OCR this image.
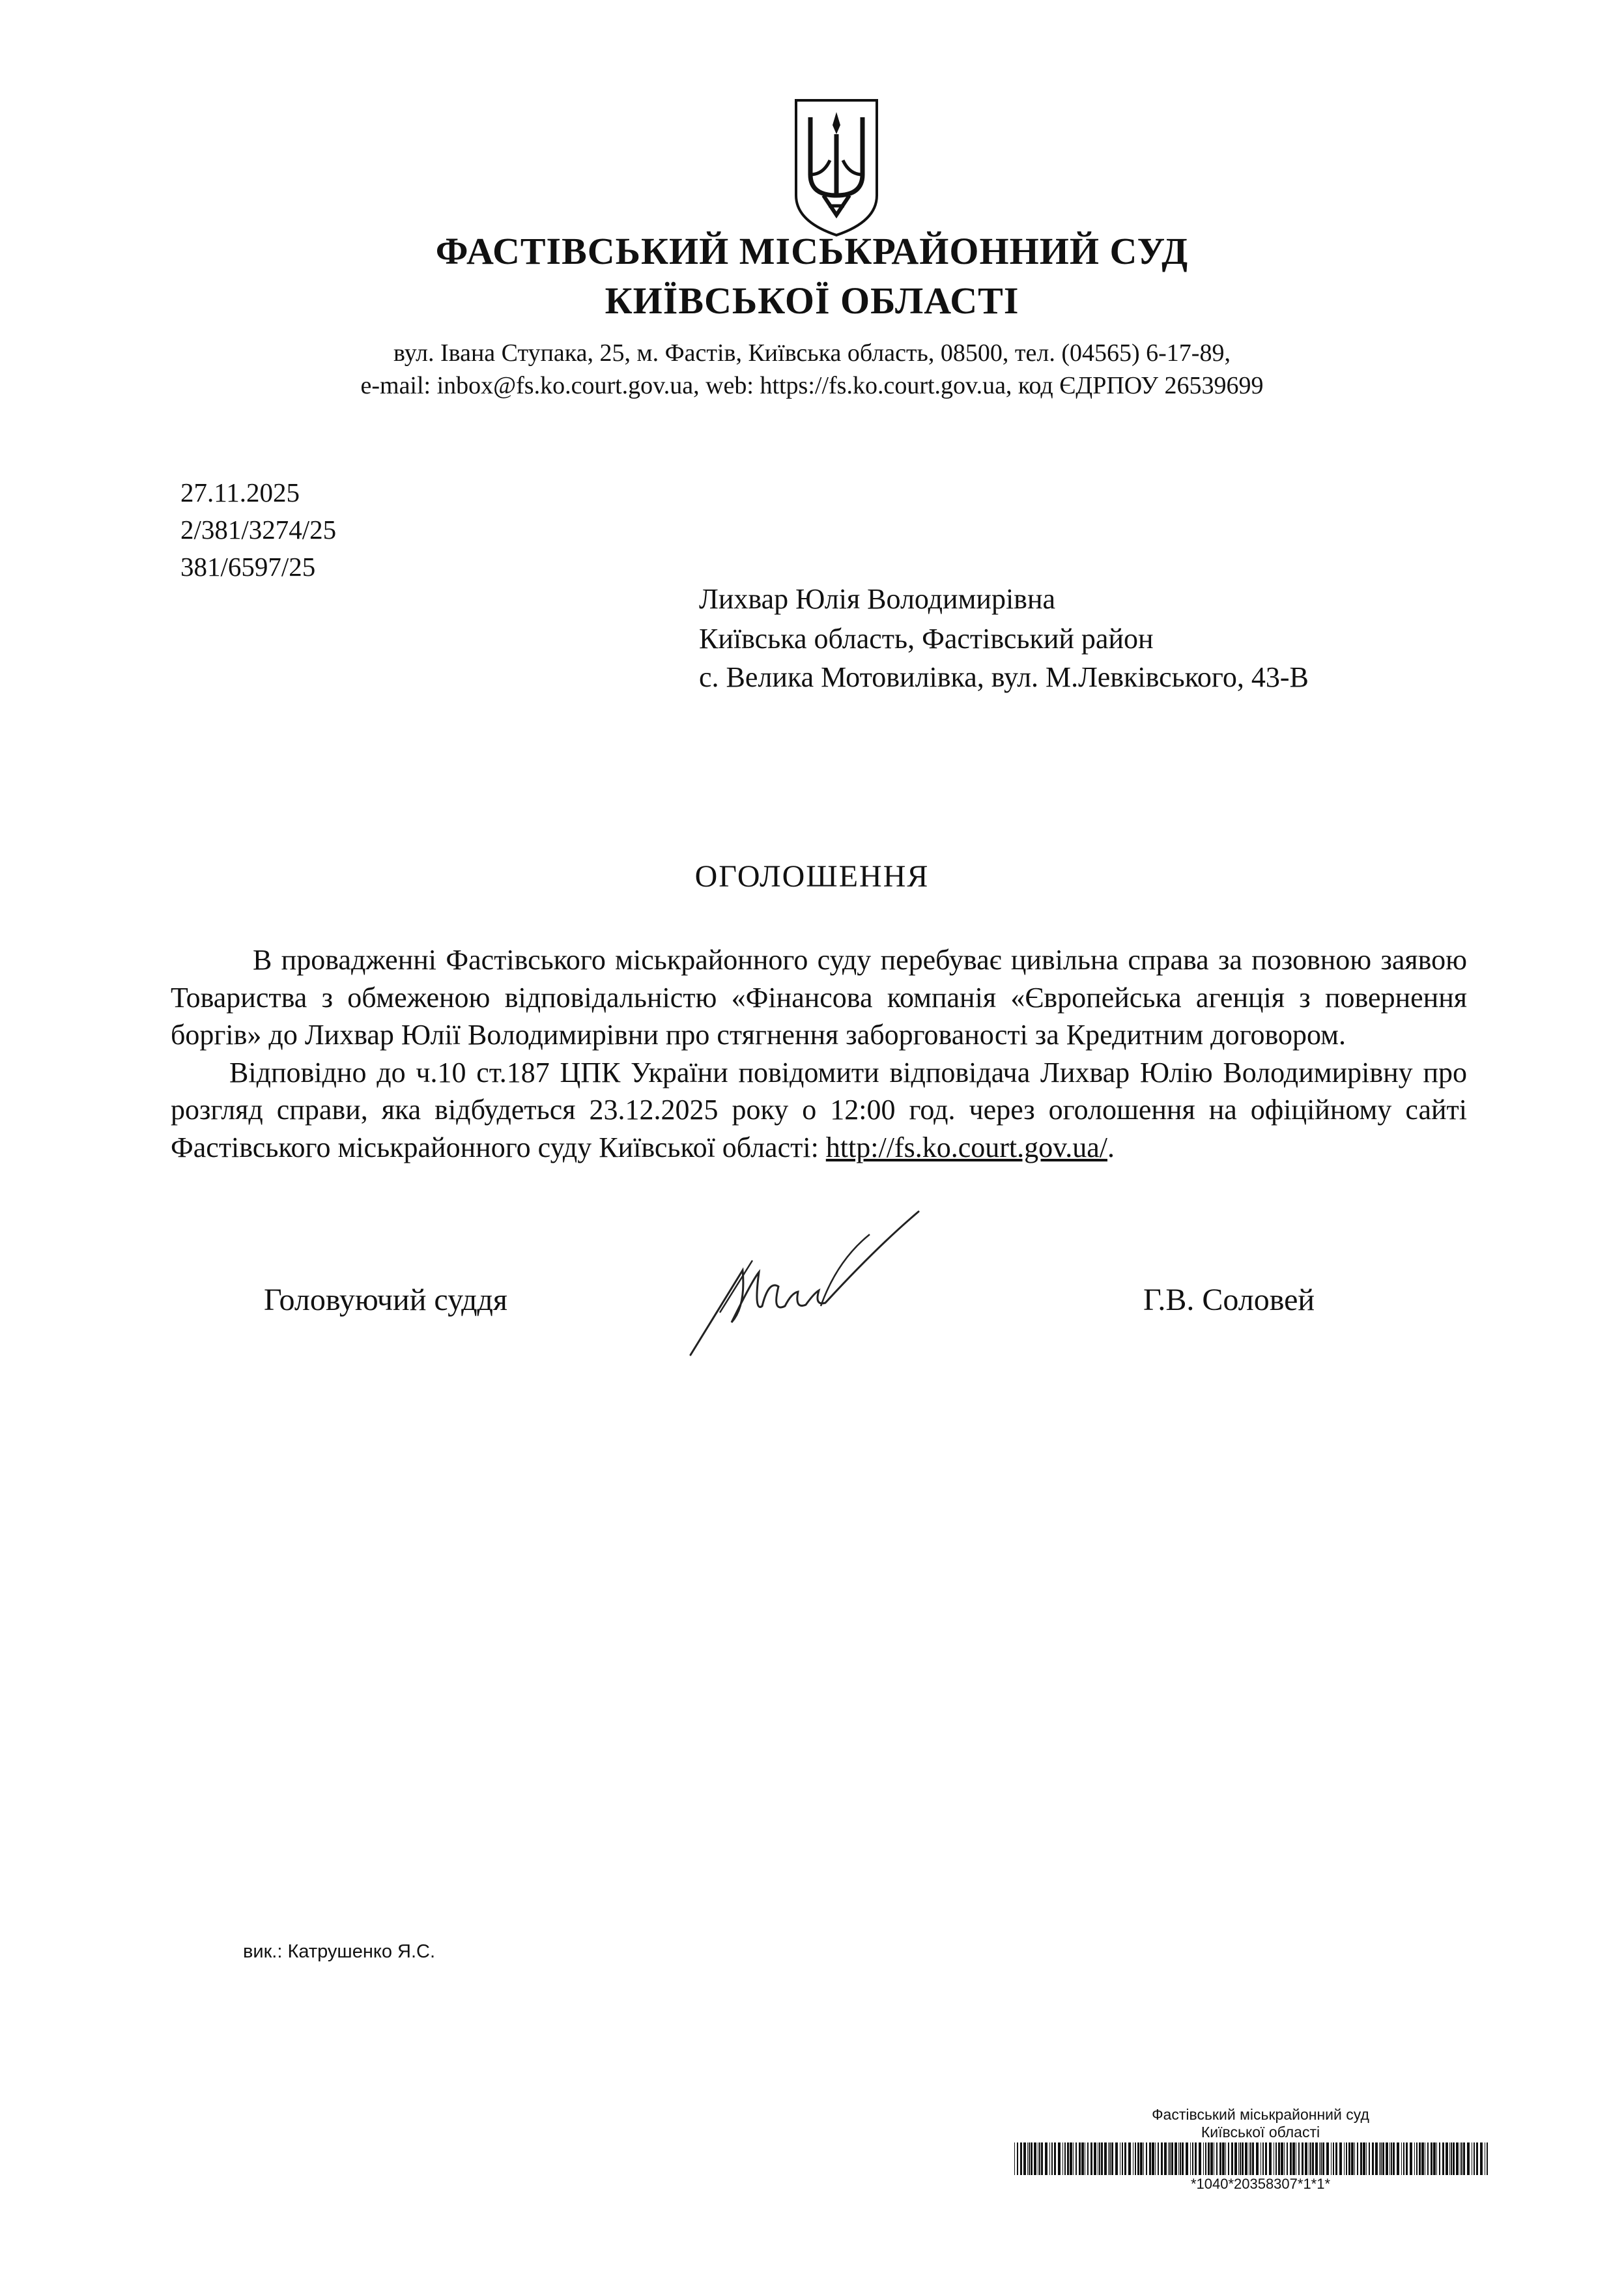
ФАСТІВСЬКИЙ МІСЬКРАЙОННИЙ СУД
КИЇВСЬКОЇ ОБЛАСТІ
вул. Івана Ступака, 25, м. Фастів, Київська область, 08500, тел. (04565) 6-17-89,
e-mail: inbox@fs.ko.court.gov.ua, web: https://fs.ko.court.gov.ua, код ЄДРПОУ 26539699
27.11.2025
2/381/3274/25
381/6597/25
Лихвар Юлія Володимирівна
Київська область, Фастівський район
с. Велика Мотовилівка, вул. М.Левківського, 43-В
ОГОЛОШЕННЯ

В провадженні Фастівського міськрайонного суду перебуває цивільна справа за позовною заявою Товариства з обмеженою відповідальністю «Фінансова компанія «Європейська агенція з повернення боргів» до Лихвар Юлії Володимирівни про стягнення заборгованості за Кредитним договором.

Відповідно до ч.10 ст.187 ЦПК України повідомити відповідача Лихвар Юлію Володимирівну про розгляд справи, яка відбудеться 23.12.2025 року о 12:00 год. через оголошення на офіційному сайті Фастівського міськрайонного суду Київської області: http://fs.ko.court.gov.ua/.

Головуючий суддя	Г.В. Соловей
вик.: Катрушенко Я.С.
Фастівський міськрайонний суд
Київської області
*1040*20358307*1*1*
